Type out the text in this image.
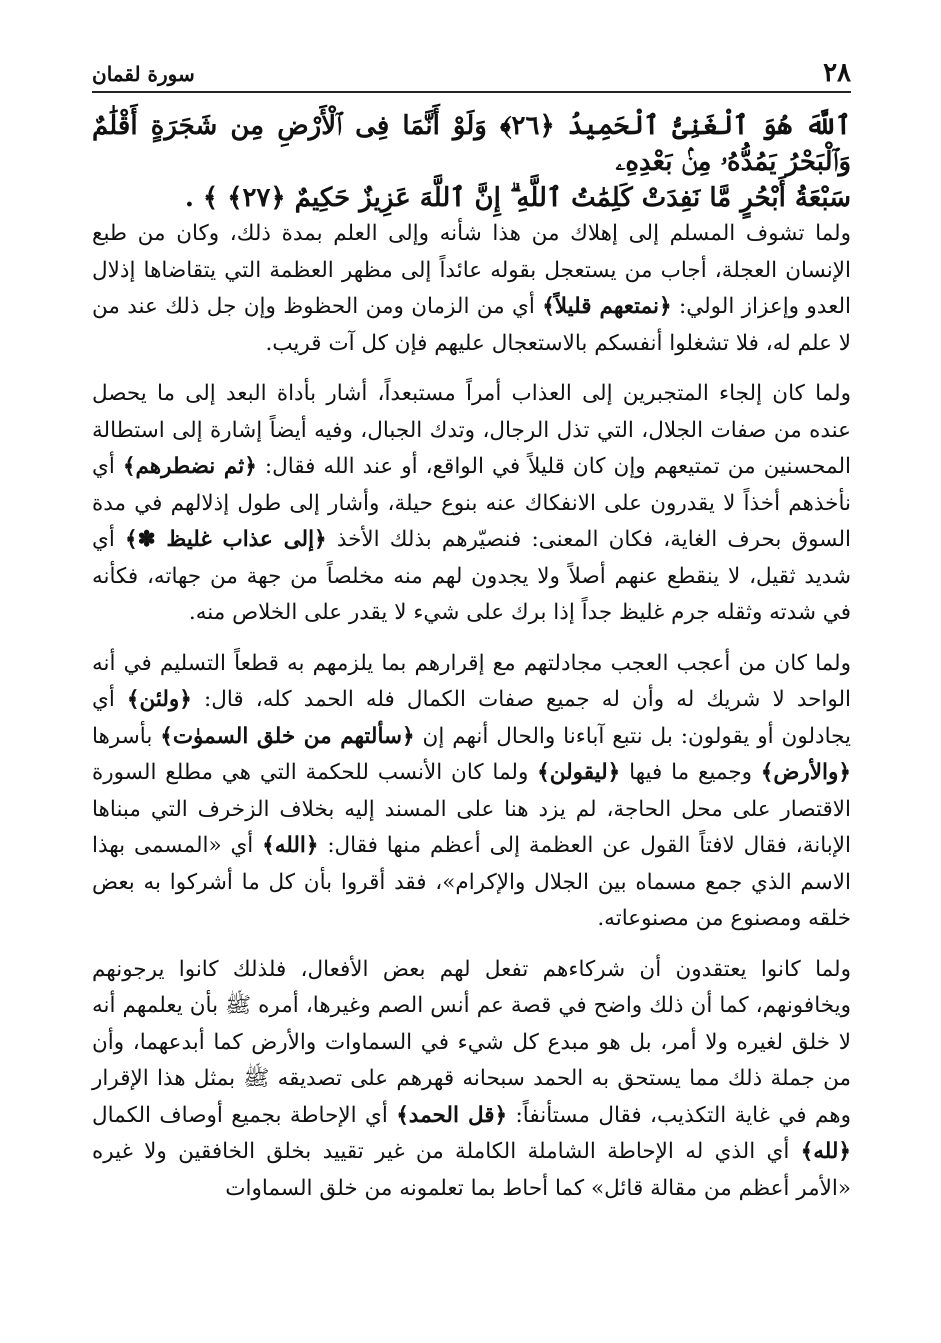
سورة لقمان	٢٨

ٱللَّهَ هُوَ ٱلْغَنِىُّ ٱلْحَمِيدُ ﴿٢٦﴾ وَلَوْ أَنَّمَا فِى ٱلْأَرْضِ مِن شَجَرَةٍ أَقْلَٰمٌ وَٱلْبَحْرُ يَمُدُّهُۥ مِنۢ بَعْدِهِۦ

سَبْعَةُ أَبْحُرٍ مَّا نَفِدَتْ كَلِمَٰتُ ٱللَّهِ ۗ إِنَّ ٱللَّهَ عَزِيزٌ حَكِيمٌ ﴿٢٧﴾ ﴾ .

ولما تشوف المسلم إلى إهلاك من هذا شأنه وإلى العلم بمدة ذلك، وكان من طبع الإنسان العجلة، أجاب من يستعجل بقوله عائداً إلى مظهر العظمة التي يتقاضاها إذلال العدو وإعزاز الولي: ﴿نمتعهم قليلاً﴾ أي من الزمان ومن الحظوظ وإن جل ذلك عند من لا علم له، فلا تشغلوا أنفسكم بالاستعجال عليهم فإن كل آت قريب.

ولما كان إلجاء المتجبرين إلى العذاب أمراً مستبعداً، أشار بأداة البعد إلى ما يحصل عنده من صفات الجلال، التي تذل الرجال، وتدك الجبال، وفيه أيضاً إشارة إلى استطالة المحسنين من تمتيعهم وإن كان قليلاً في الواقع، أو عند الله فقال: ﴿ثم نضطرهم﴾ أي نأخذهم أخذاً لا يقدرون على الانفكاك عنه بنوع حيلة، وأشار إلى طول إذلالهم في مدة السوق بحرف الغاية، فكان المعنى: فنصيّرهم بذلك الأخذ ﴿إلى عذاب غليظ ✽﴾ أي شديد ثقيل، لا ينقطع عنهم أصلاً ولا يجدون لهم منه مخلصاً من جهة من جهاته، فكأنه في شدته وثقله جرم غليظ جداً إذا برك على شيء لا يقدر على الخلاص منه.

ولما كان من أعجب العجب مجادلتهم مع إقرارهم بما يلزمهم به قطعاً التسليم في أنه الواحد لا شريك له وأن له جميع صفات الكمال فله الحمد كله، قال: ﴿ولئن﴾ أي يجادلون أو يقولون: بل نتبع آباءنا والحال أنهم إن ﴿سألتهم من خلق السموٰت﴾ بأسرها ﴿والأرض﴾ وجميع ما فيها ﴿ليقولن﴾ ولما كان الأنسب للحكمة التي هي مطلع السورة الاقتصار على محل الحاجة، لم يزد هنا على المسند إليه بخلاف الزخرف التي مبناها الإبانة، فقال لافتاً القول عن العظمة إلى أعظم منها فقال: ﴿الله﴾ أي «المسمى بهذا الاسم الذي جمع مسماه بين الجلال والإكرام»، فقد أقروا بأن كل ما أشركوا به بعض خلقه ومصنوع من مصنوعاته.

ولما كانوا يعتقدون أن شركاءهم تفعل لهم بعض الأفعال، فلذلك كانوا يرجونهم ويخافونهم، كما أن ذلك واضح في قصة عم أنس الصم وغيرها، أمره ﷺ بأن يعلمهم أنه لا خلق لغيره ولا أمر، بل هو مبدع كل شيء في السماوات والأرض كما أبدعهما، وأن من جملة ذلك مما يستحق به الحمد سبحانه قهرهم على تصديقه ﷺ بمثل هذا الإقرار وهم في غاية التكذيب، فقال مستأنفاً: ﴿قل الحمد﴾ أي الإحاطة بجميع أوصاف الكمال ﴿لله﴾ أي الذي له الإحاطة الشاملة الكاملة من غير تقييد بخلق الخافقين ولا غيره «الأمر أعظم من مقالة قائل» كما أحاط بما تعلمونه من خلق السماوات
